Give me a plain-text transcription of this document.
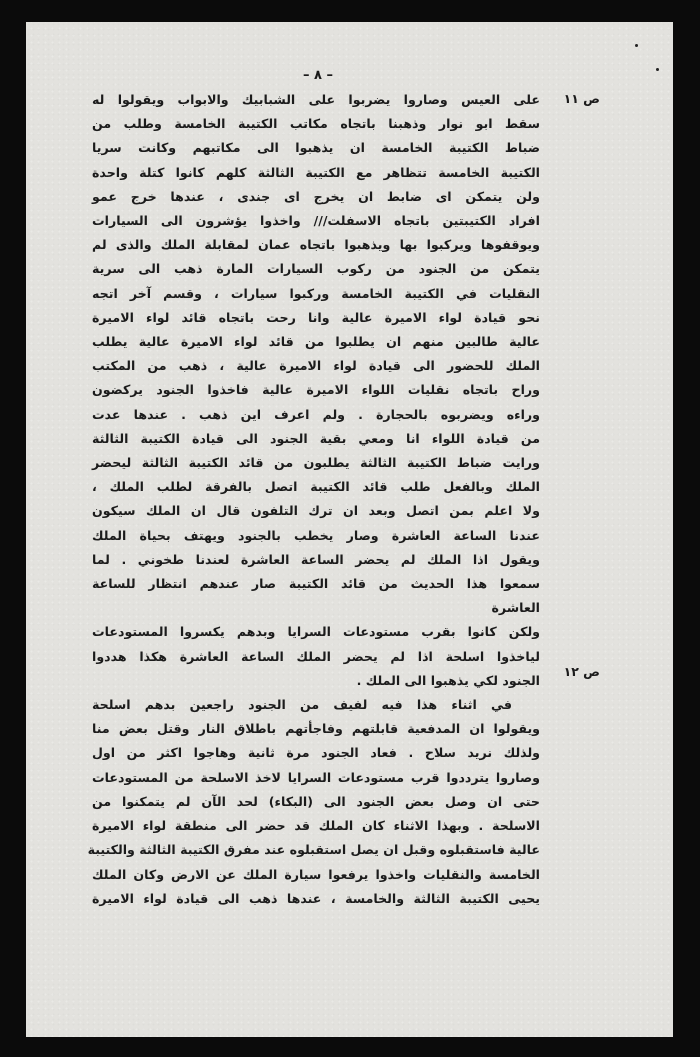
– ٨ –
ص ١١
ص ١٢
على العيس وصاروا يضربوا على الشبابيك والابواب ويقولوا له
سقط ابو نوار وذهبنا باتجاه مكاتب الكتيبة الخامسة وطلب من
ضباط الكتيبة الخامسة ان يذهبوا الى مكاتبهم وكانت سريا
الكتيبة الخامسة تتظاهر مع الكتيبة الثالثة كلهم كانوا كتلة واحدة
ولن يتمكن اى ضابط ان يخرج اى جندى ، عندها خرج عمو
افراد الكتيبتين باتجاه الاسفلت/// واخذوا يؤشرون الى السيارات
ويوقفوها ويركبوا بها ويذهبوا باتجاه عمان لمقابلة الملك والذى لم
يتمكن من الجنود من ركوب السيارات المارة ذهب الى سرية
النقليات في الكتيبة الخامسة وركبوا سيارات ، وقسم آخر اتجه
نحو قيادة لواء الاميرة عالية وانا رحت باتجاه قائد لواء الاميرة
عالية طالبين منهم ان يطلبوا من قائد لواء الاميرة عالية يطلب
الملك للحضور الى قيادة لواء الاميرة عالية ، ذهب من المكتب
وراح باتجاه نقليات اللواء الاميرة عالية فاخذوا الجنود يركضون
وراءه ويضربوه بالحجارة . ولم اعرف اين ذهب . عندها عدت
من قيادة اللواء انا ومعي بقية الجنود الى قيادة الكتيبة الثالثة
ورايت ضباط الكتيبة الثالثة يطلبون من قائد الكتيبة الثالثة ليحضر
الملك وبالفعل طلب قائد الكتيبة اتصل بالفرقة لطلب الملك ،
ولا اعلم بمن اتصل وبعد ان ترك التلفون قال ان الملك سيكون
عندنا الساعة العاشرة وصار يخطب بالجنود ويهتف بحياة الملك
ويقول اذا الملك لم يحضر الساعة العاشرة لعندنا طخوني . لما
سمعوا هذا الحديث من قائد الكتيبة صار عندهم انتظار للساعة
العاشرة
ولكن كانوا بقرب مستودعات السرايا وبدهم يكسروا المستودعات
لياخذوا اسلحة اذا لم يحضر الملك الساعة العاشرة هكذا هددوا
الجنود لكي يذهبوا الى الملك .
في اثناء هذا فيه لفيف من الجنود راجعين بدهم اسلحة
ويقولوا ان المدفعية قابلتهم وفاجأتهم باطلاق النار وقتل بعض منا
ولذلك نريد سلاح . فعاد الجنود مرة ثانية وهاجوا اكثر من اول
وصاروا يترددوا قرب مستودعات السرايا لاخذ الاسلحة من المستودعات
حتى ان وصل بعض الجنود الى (البكاء) لحد الآن لم يتمكنوا من
الاسلحة . وبهذا الاثناء كان الملك قد حضر الى منطقة لواء الاميرة
عالية فاستقبلوه وقبل ان يصل استقبلوه عند مفرق الكتيبة الثالثة والكتيبة
الخامسة والنقليات واخذوا يرفعوا سيارة الملك عن الارض وكان الملك
يحيى الكتيبة الثالثة والخامسة ، عندها ذهب الى قيادة لواء الاميرة
